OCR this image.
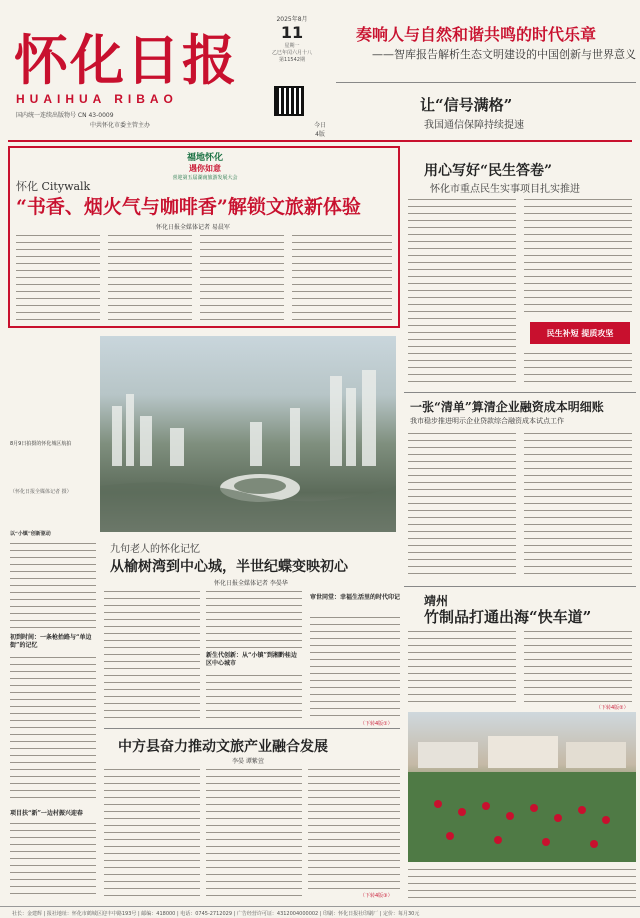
怀化日报
HUAIHUA RIBAO
国内统一连续出版物号 CN 43-0009
中共怀化市委主管主办
2025年8月
11
星期一
乙巳年闰六月十八
第11542期
今日
4版
奏响人与自然和谐共鸣的时代乐章
——智库报告解析生态文明建设的中国创新与世界意义
让“信号满格”
我国通信保障持续提速
福地怀化
遇你如意
喜迎第五届湖南旅游发展大会
怀化 Citywalk
“书香、烟火气与咖啡香”解锁文旅新体验
怀化日报全媒体记者 易晨军
用心写好“民生答卷”
怀化市重点民生实事项目扎实推进
民生补短 提质攻坚
8月9日拍摄的怀化城区航拍
（怀化日报全媒体记者 摄）
一张“清单”算清企业融资成本明细账
我市稳步推进明示企业贷款综合融资成本试点工作
初到时间：一条枪抬路与“单边街”的记忆
项目扶“新”一边村振兴迎春
九旬老人的怀化记忆
从榆树湾到中心城，半世纪蝶变映初心
怀化日报全媒体记者 李晏华
新生代创新：从“小镇”到湘黔桂边区中心城市
审世同堂：幸福生活里的时代印记
（下转4版①）
靖州
竹制品打通出海“快车道”
（下转4版②）
中方县奋力推动文旅产业融合发展
李晏 谭紫萱
（下转4版③）
以“小镇”创新驱动
社长：金建辉 | 报社地址：怀化市鹤城区迎丰中路193号 | 邮编：418000 | 电话：0745-2712029 | 广告经营许可证：4312004000002 | 印刷：怀化日报社印刷厂 | 定价：每月30元
